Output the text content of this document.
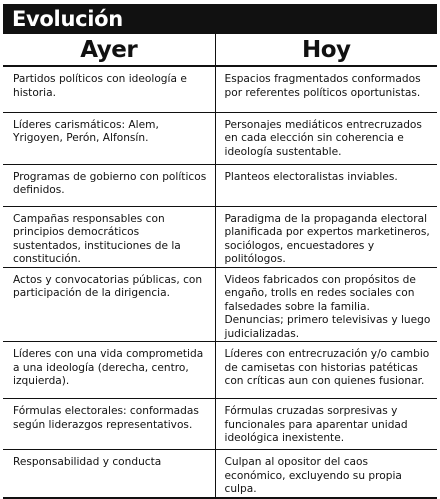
Evolución
Ayer	Hoy
Partidos políticos con ideología e historia.	Espacios fragmentados conformados por referentes políticos oportunistas.
Líderes carismáticos: Alem, Yrigoyen, Perón, Alfonsín.	Personajes mediáticos entrecruzados en cada elección sin coherencia e ideología sustentable.
Programas de gobierno con políticos definidos.	Planteos electoralistas inviables.
Campañas responsables con principios democráticos sustentados, instituciones de la constitución.	Paradigma de la propaganda electoral planificada por expertos marketineros, sociólogos, encuestadores y politólogos.
Actos y convocatorias públicas, con participación de la dirigencia.	Videos fabricados con propósitos de engaño, trolls en redes sociales con falsedades sobre la familia. Denuncias; primero televisivas y luego judicializadas.
Líderes con una vida comprometida a una ideología (derecha, centro, izquierda).	Líderes con entrecruzación y/o cambio de camisetas con historias patéticas con críticas aun con quienes fusionar.
Fórmulas electorales: conformadas según liderazgos representativos.	Fórmulas cruzadas sorpresivas y funcionales para aparentar unidad ideológica inexistente.
Responsabilidad y conducta	Culpan al opositor del caos económico, excluyendo su propia culpa.
